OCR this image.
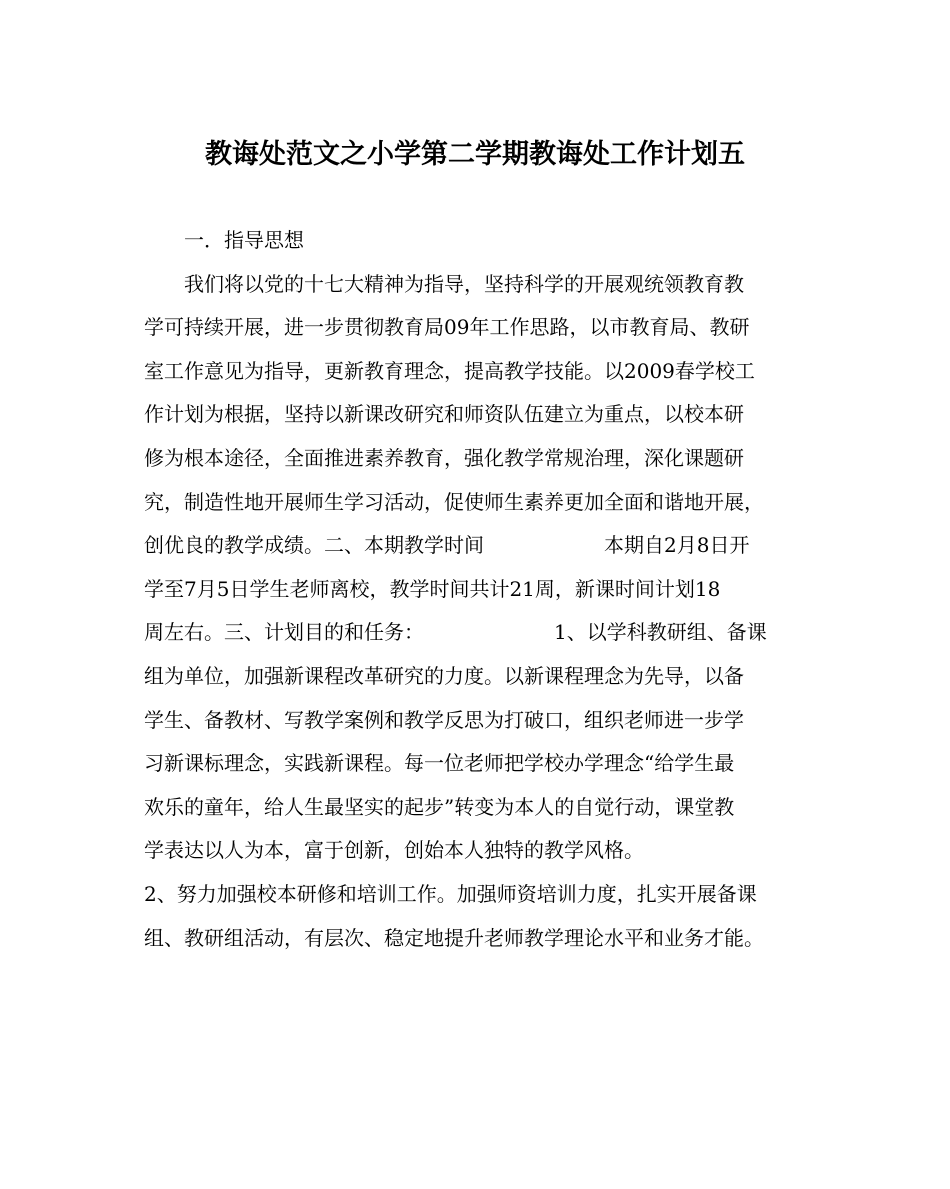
教诲处范文之小学第二学期教诲处工作计划五
一．指导思想
我们将以党的十七大精神为指导，坚持科学的开展观统领教育教
学可持续开展，进一步贯彻教育局09年工作思路，以市教育局、教研
室工作意见为指导，更新教育理念，提高教学技能。以2009春学校工
作计划为根据，坚持以新课改研究和师资队伍建立为重点，以校本研
修为根本途径，全面推进素养教育，强化教学常规治理，深化课题研
究，制造性地开展师生学习活动，促使师生素养更加全面和谐地开展，
创优良的教学成绩。二、本期教学时间	本期自2月8日开
学至7月5日学生老师离校，教学时间共计21周，新课时间计划18
周左右。三、计划目的和任务：	1、以学科教研组、备课
组为单位，加强新课程改革研究的力度。以新课程理念为先导，以备
学生、备教材、写教学案例和教学反思为打破口，组织老师进一步学
习新课标理念，实践新课程。每一位老师把学校办学理念“给学生最
欢乐的童年，给人生最坚实的起步”转变为本人的自觉行动，课堂教
学表达以人为本，富于创新，创始本人独特的教学风格。
2、努力加强校本研修和培训工作。加强师资培训力度，扎实开展备课
组、教研组活动，有层次、稳定地提升老师教学理论水平和业务才能。
